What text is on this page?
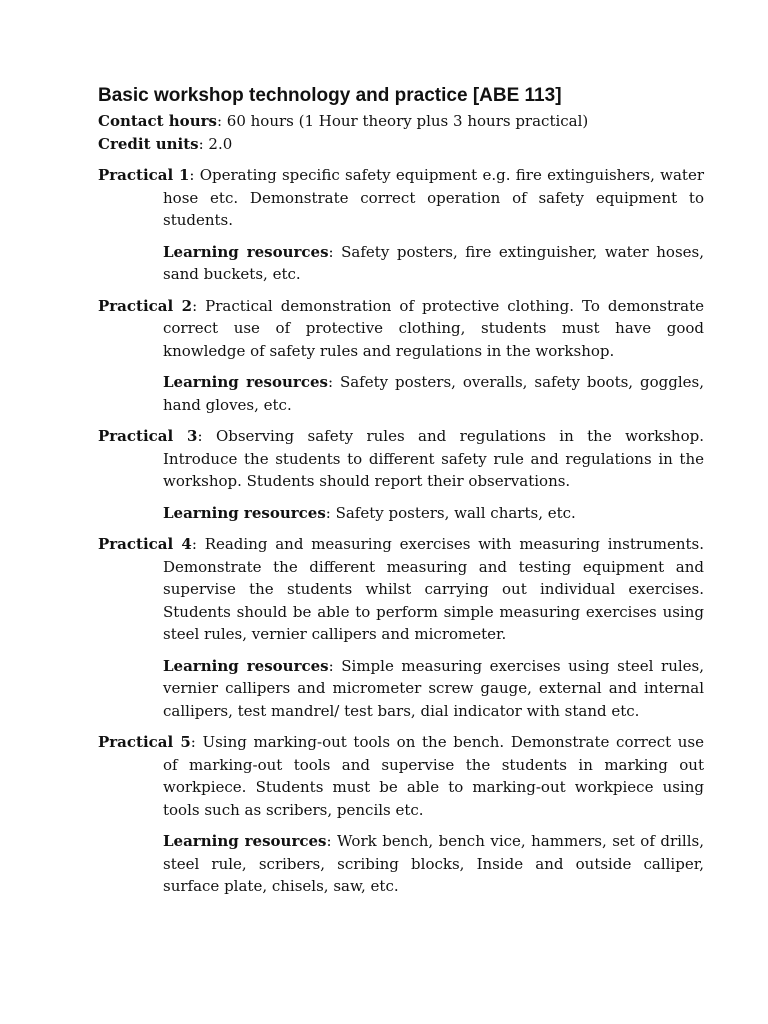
Basic workshop technology and practice [ABE 113]

Contact hours: 60 hours (1 Hour theory plus 3 hours practical)

Credit units: 2.0

Practical 1: Operating specific safety equipment e.g. fire extinguishers, water hose etc. Demonstrate correct operation of safety equipment to students.

Learning resources: Safety posters, fire extinguisher, water hoses, sand buckets, etc.

Practical 2: Practical demonstration of protective clothing. To demonstrate correct use of protective clothing, students must have good knowledge of safety rules and regulations in the workshop.

Learning resources: Safety posters, overalls, safety boots, goggles, hand gloves, etc.

Practical 3: Observing safety rules and regulations in the workshop. Introduce the students to different safety rule and regulations in the workshop. Students should report their observations.

Learning resources: Safety posters, wall charts, etc.

Practical 4: Reading and measuring exercises with measuring instruments. Demonstrate the different measuring and testing equipment and supervise the students whilst carrying out individual exercises. Students should be able to perform simple measuring exercises using steel rules, vernier callipers and micrometer.

Learning resources: Simple measuring exercises using steel rules, vernier callipers and micrometer screw gauge, external and internal callipers, test mandrel/ test bars, dial indicator with stand etc.

Practical 5: Using marking-out tools on the bench. Demonstrate correct use of marking-out tools and supervise the students in marking out workpiece. Students must be able to marking-out workpiece using tools such as scribers, pencils etc.

Learning resources: Work bench, bench vice, hammers, set of drills, steel rule, scribers, scribing blocks, Inside and outside calliper, surface plate, chisels, saw, etc.
